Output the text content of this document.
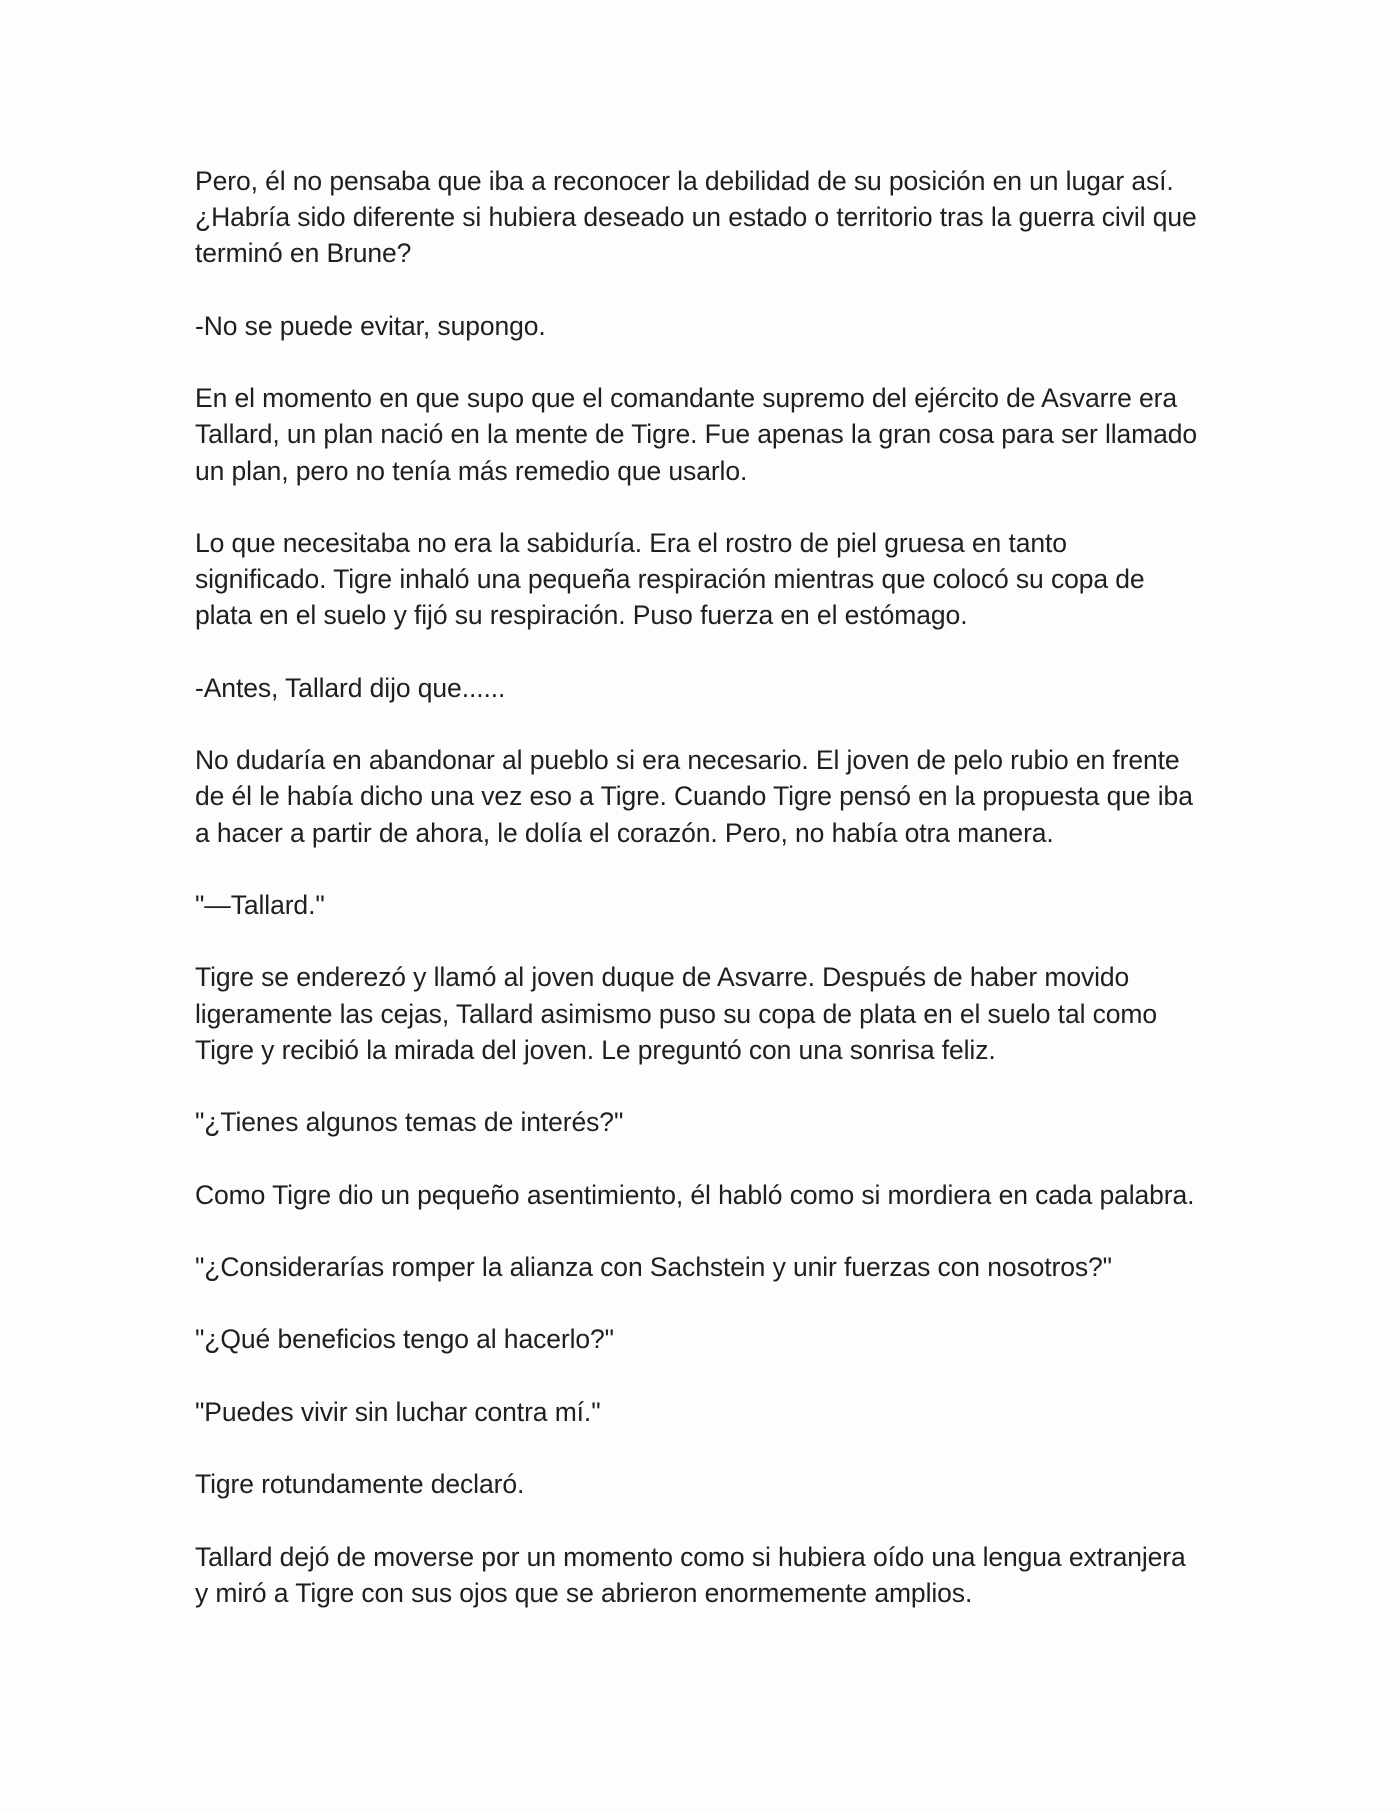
Pero, él no pensaba que iba a reconocer la debilidad de su posición en un lugar así. ¿Habría sido diferente si hubiera deseado un estado o territorio tras la guerra civil que terminó en Brune?

-No se puede evitar, supongo.

En el momento en que supo que el comandante supremo del ejército de Asvarre era Tallard, un plan nació en la mente de Tigre. Fue apenas la gran cosa para ser llamado un plan, pero no tenía más remedio que usarlo.

Lo que necesitaba no era la sabiduría. Era el rostro de piel gruesa en tanto significado. Tigre inhaló una pequeña respiración mientras que colocó su copa de plata en el suelo y fijó su respiración. Puso fuerza en el estómago.

-Antes, Tallard dijo que......

No dudaría en abandonar al pueblo si era necesario. El joven de pelo rubio en frente de él le había dicho una vez eso a Tigre. Cuando Tigre pensó en la propuesta que iba a hacer a partir de ahora, le dolía el corazón. Pero, no había otra manera.

"—Tallard."

Tigre se enderezó y llamó al joven duque de Asvarre. Después de haber movido ligeramente las cejas, Tallard asimismo puso su copa de plata en el suelo tal como Tigre y recibió la mirada del joven. Le preguntó con una sonrisa feliz.

"¿Tienes algunos temas de interés?"

Como Tigre dio un pequeño asentimiento, él habló como si mordiera en cada palabra.

"¿Considerarías romper la alianza con Sachstein y unir fuerzas con nosotros?"

"¿Qué beneficios tengo al hacerlo?"

"Puedes vivir sin luchar contra mí."

Tigre rotundamente declaró.

Tallard dejó de moverse por un momento como si hubiera oído una lengua extranjera y miró a Tigre con sus ojos que se abrieron enormemente amplios.
